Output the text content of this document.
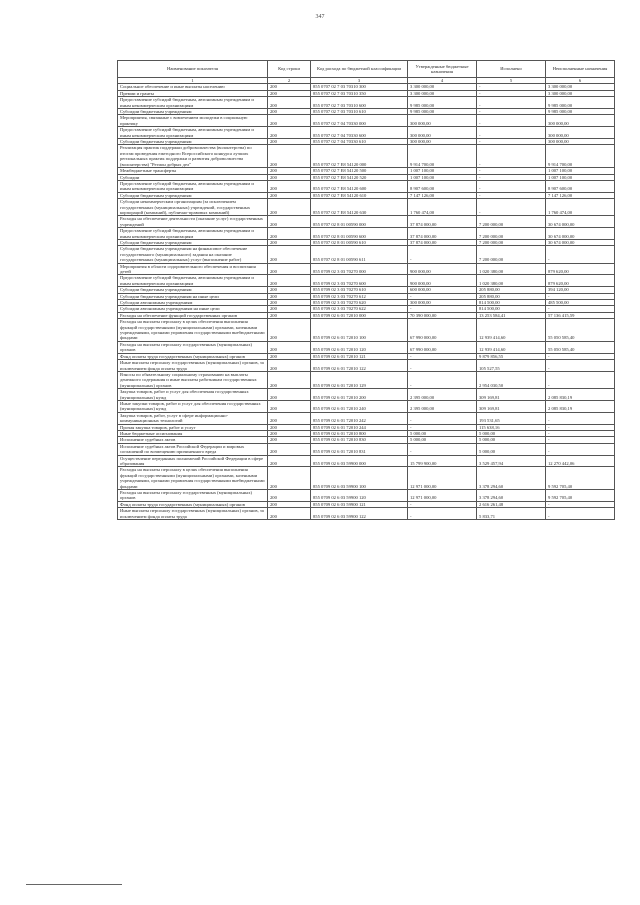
347
Наименование показателя	Код строки	Код расхода по бюджетной классификации	Утвержденные бюджетные назначения	Исполнено	Неисполненные назначения
1	2	3	4	5	6
Социальное обеспечение и иные выплаты населению	200	855 0707 02 7 03 70310 300	3 300 000,00	-	3 300 000,00
Премии и гранты	200	855 0707 02 7 03 70310 350	3 300 000,00	-	3 300 000,00
Предоставление субсидий бюджетным, автономным учреждениям и иным некоммерческим организациям	200	855 0707 02 7 03 70310 600	9 985 000,00	-	9 985 000,00
Субсидии бюджетным учреждениям	200	855 0707 02 7 03 70310 610	9 985 000,00	-	9 985 000,00
Мероприятия, связанные с вовлечением молодежи в социальную практику	200	855 0707 02 7 04 70330 000	300 000,00	-	300 000,00
Предоставление субсидий бюджетным, автономным учреждениям и иным некоммерческим организациям	200	855 0707 02 7 04 70330 600	300 000,00	-	300 000,00
Субсидии бюджетным учреждениям	200	855 0707 02 7 04 70330 610	300 000,00	-	300 000,00
Реализация практик поддержки добровольчества (волонтерства) по итогам проведения ежегодного Всероссийского конкурса лучших региональных практик поддержки и развития добровольчества (волонтерства) "Регион добрых дел"	200	855 0707 02 7 E8 54120 000	9 914 700,00	-	9 914 700,00
Межбюджетные трансферты	200	855 0707 02 7 E8 54120 500	1 007 100,00	-	1 007 100,00
Субсидии	200	855 0707 02 7 E8 54120 520	1 007 100,00	-	1 007 100,00
Предоставление субсидий бюджетным, автономным учреждениям и иным некоммерческим организациям	200	855 0707 02 7 E8 54120 600	8 907 600,00	-	8 907 600,00
Субсидии бюджетным учреждениям	200	855 0707 02 7 E8 54120 610	7 147 126,00	-	7 147 126,00
Субсидии некоммерческим организациям (за исключением государственных (муниципальных) учреждений, государственных корпораций (компаний), публично-правовых компаний)	200	855 0707 02 7 E8 54120 630	1 760 474,00	-	1 760 474,00
Расходы на обеспечение деятельности (оказание услуг) государственных учреждений	200	855 0707 02 8 01 00590 000	37 874 000,00	7 200 000,00	30 674 000,00
Предоставление субсидий бюджетным, автономным учреждениям и иным некоммерческим организациям	200	855 0707 02 8 01 00590 600	37 874 000,00	7 200 000,00	30 674 000,00
Субсидии бюджетным учреждениям	200	855 0707 02 8 01 00590 610	37 874 000,00	7 200 000,00	30 674 000,00
Субсидии бюджетным учреждениям на финансовое обеспечение государственного (муниципального) задания на оказание государственных (муниципальных) услуг (выполнение работ)	200	855 0707 02 8 01 00590 611	-	7 200 000,00	-
Мероприятия в области оздоровительного обеспечения и воспитания детей	200	855 0709 02 3 03 70270 000	900 000,00	1 020 380,00	879 620,00
Предоставление субсидий бюджетным, автономным учреждениям и иным некоммерческим организациям	200	855 0709 02 3 03 70270 600	900 000,00	1 020 380,00	879 620,00
Субсидии бюджетным учреждениям	200	855 0709 02 3 03 70270 610	600 000,00	205 880,00	394 120,00
Субсидии бюджетным учреждениям на иные цели	200	855 0709 02 3 03 70270 612	-	205 880,00	-
Субсидии автономным учреждениям	200	855 0709 02 3 03 70270 620	300 000,00	814 500,00	485 500,00
Субсидии автономным учреждениям на иные цели	200	855 0709 02 3 03 70270 622	-	814 500,00	-
Расходы на обеспечение функций государственных органов	200	855 0709 02 6 01 72010 000	70 390 000,00	13 253 584,41	57 136 415,59
Расходы на выплаты персоналу в целях обеспечения выполнения функций государственными (муниципальными) органами, казенными учреждениями, органами управления государственными внебюджетными фондами	200	855 0709 02 6 01 72010 100	67 990 000,00	12 939 414,60	55 050 585,40
Расходы на выплаты персоналу государственных (муниципальных) органов	200	855 0709 02 6 01 72010 120	67 990 000,00	12 939 414,60	55 050 585,40
Фонд оплаты труда государственных (муниципальных) органов	200	855 0709 02 6 01 72010 121	-	9 879 856,55	-
Иные выплаты персоналу государственных (муниципальных) органов, за исключением фонда оплаты труда	200	855 0709 02 6 01 72010 122	-	105 527,55	-
Взносы по обязательному социальному страхованию на выплаты денежного содержания и иные выплаты работникам государственных (муниципальных) органов	200	855 0709 02 6 01 72010 129	-	2 954 030,50	-
Закупка товаров, работ и услуг для обеспечения государственных (муниципальных) нужд	200	855 0709 02 6 01 72010 200	2 395 000,00	309 169,81	2 085 830,19
Иные закупки товаров, работ и услуг для обеспечения государственных (муниципальных) нужд	200	855 0709 02 6 01 72010 240	2 395 000,00	309 169,81	2 085 830,19
Закупка товаров, работ, услуг в сфере информационно-коммуникационных технологий	200	855 0709 02 6 01 72010 242	-	193 531,65	-
Прочая закупка товаров, работ и услуг	200	855 0709 02 6 01 72010 244	-	115 638,16	-
Иные бюджетные ассигнования	200	855 0709 02 6 01 72010 800	5 000,00	5 000,00	-
Исполнение судебных актов	200	855 0709 02 6 01 72010 830	5 000,00	5 000,00	-
Исполнение судебных актов Российской Федерации и мировых соглашений по возмещению причиненного вреда	200	855 0709 02 6 01 72010 831	-	5 000,00	-
Осуществление переданных полномочий Российской Федерации в сфере образования	200	855 0709 02 6 03 59900 000	15 799 900,00	3 529 457,94	12 270 442,06
Расходы на выплаты персоналу в целях обеспечения выполнения функций государственными (муниципальными) органами, казенными учреждениями, органами управления государственными внебюджетными фондами	200	855 0709 02 6 03 59900 100	12 971 000,00	3 378 294,60	9 592 705,40
Расходы на выплаты персоналу государственных (муниципальных) органов	200	855 0709 02 6 03 59900 120	12 971 000,00	3 378 294,60	9 592 705,40
Фонд оплаты труда государственных (муниципальных) органов	200	855 0709 02 6 03 59900 121	-	2 616 261,48	-
Иные выплаты персоналу государственных (муниципальных) органов, за исключением фонда оплаты труда	200	855 0709 02 6 03 59900 122	-	5 833,71	-
